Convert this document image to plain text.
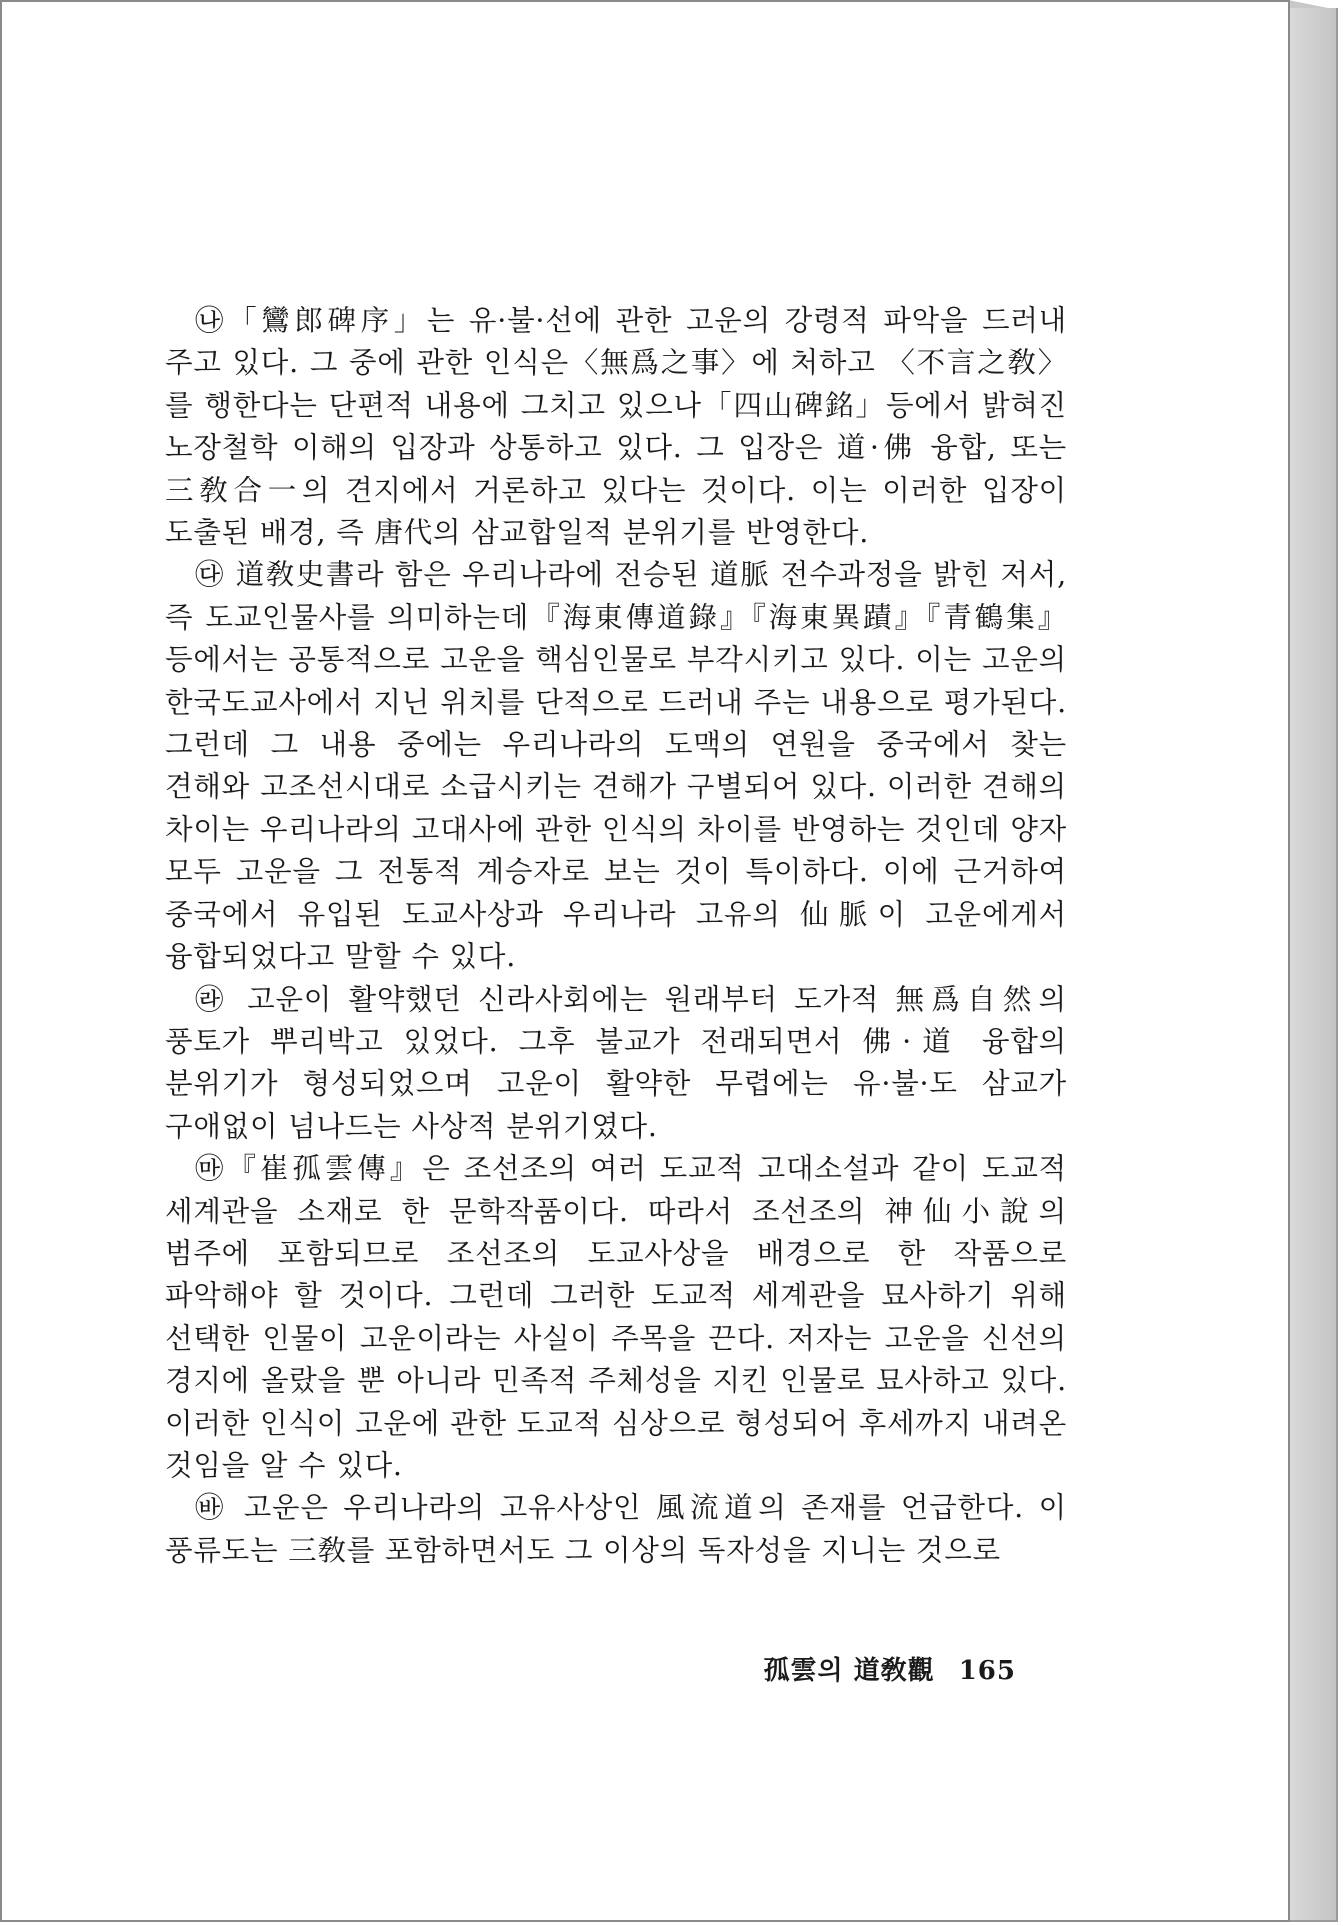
㉯「鸞郎碑序」는 유·불·선에 관한 고운의 강령적 파악을 드러내 주고 있다. 그 중에 관한 인식은〈無爲之事〉에 처하고 〈不言之敎〉를 행한다는 단편적 내용에 그치고 있으나「四山碑銘」등에서 밝혀진 노장철학 이해의 입장과 상통하고 있다. 그 입장은 道·佛 융합, 또는 三敎合一의 견지에서 거론하고 있다는 것이다. 이는 이러한 입장이 도출된 배경, 즉 唐代의 삼교합일적 분위기를 반영한다.

㉰ 道敎史書라 함은 우리나라에 전승된 道脈 전수과정을 밝힌 저서, 즉 도교인물사를 의미하는데『海東傳道錄』『海東異蹟』『青鶴集』등에서는 공통적으로 고운을 핵심인물로 부각시키고 있다. 이는 고운의 한국도교사에서 지닌 위치를 단적으로 드러내 주는 내용으로 평가된다. 그런데 그 내용 중에는 우리나라의 도맥의 연원을 중국에서 찾는 견해와 고조선시대로 소급시키는 견해가 구별되어 있다. 이러한 견해의 차이는 우리나라의 고대사에 관한 인식의 차이를 반영하는 것인데 양자 모두 고운을 그 전통적 계승자로 보는 것이 특이하다. 이에 근거하여 중국에서 유입된 도교사상과 우리나라 고유의 仙脈이 고운에게서 융합되었다고 말할 수 있다.

㉱ 고운이 활약했던 신라사회에는 원래부터 도가적 無爲自然의 풍토가 뿌리박고 있었다. 그후 불교가 전래되면서 佛·道 융합의 분위기가 형성되었으며 고운이 활약한 무렵에는 유·불·도 삼교가 구애없이 넘나드는 사상적 분위기였다.

㉲『崔孤雲傳』은 조선조의 여러 도교적 고대소설과 같이 도교적 세계관을 소재로 한 문학작품이다. 따라서 조선조의 神仙小說의 범주에 포함되므로 조선조의 도교사상을 배경으로 한 작품으로 파악해야 할 것이다. 그런데 그러한 도교적 세계관을 묘사하기 위해 선택한 인물이 고운이라는 사실이 주목을 끈다. 저자는 고운을 신선의 경지에 올랐을 뿐 아니라 민족적 주체성을 지킨 인물로 묘사하고 있다. 이러한 인식이 고운에 관한 도교적 심상으로 형성되어 후세까지 내려온 것임을 알 수 있다.

㉳ 고운은 우리나라의 고유사상인 風流道의 존재를 언급한다. 이 풍류도는 三敎를 포함하면서도 그 이상의 독자성을 지니는 것으로

孤雲의 道敎觀 165
